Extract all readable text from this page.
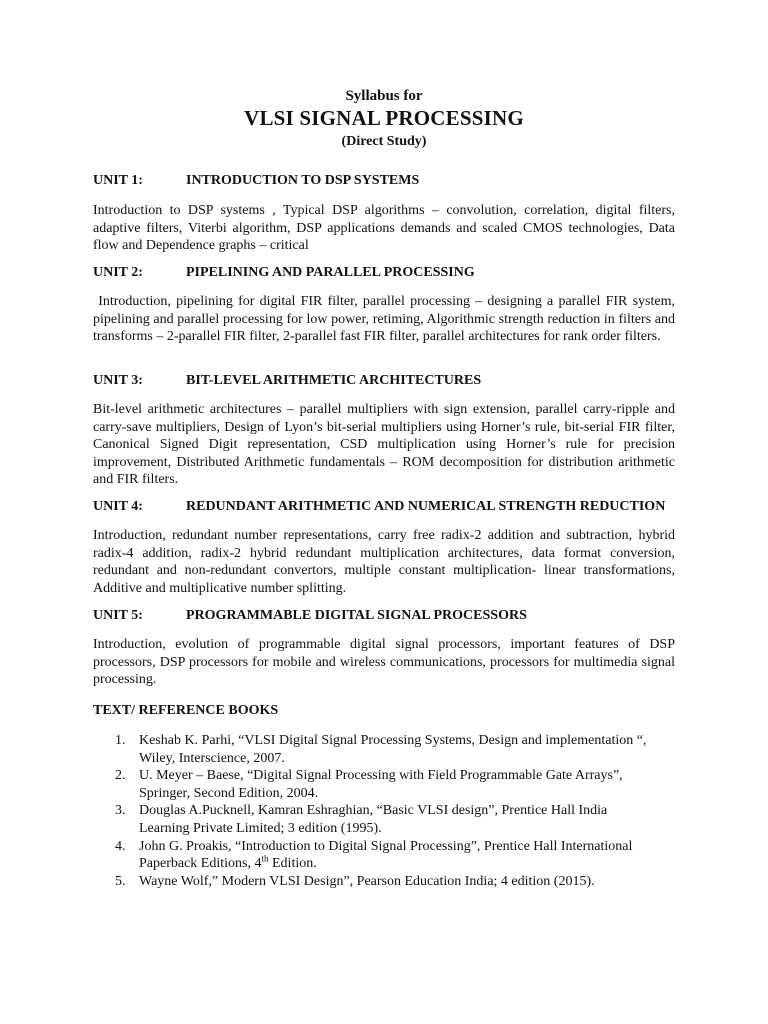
Syllabus for
VLSI SIGNAL PROCESSING
(Direct Study)
UNIT 1:	INTRODUCTION TO DSP SYSTEMS
Introduction to DSP systems , Typical DSP algorithms – convolution, correlation, digital filters, adaptive filters, Viterbi algorithm, DSP applications demands and scaled CMOS technologies, Data flow and Dependence graphs – critical
UNIT 2:	PIPELINING AND PARALLEL PROCESSING
Introduction, pipelining for digital FIR filter, parallel processing – designing a parallel FIR system, pipelining and parallel processing for low power, retiming, Algorithmic strength reduction in filters and transforms – 2-parallel FIR filter, 2-parallel fast FIR filter, parallel architectures for rank order filters.
UNIT 3:	BIT-LEVEL ARITHMETIC ARCHITECTURES
Bit-level arithmetic architectures – parallel multipliers with sign extension, parallel carry-ripple and carry-save multipliers, Design of Lyon’s bit-serial multipliers using Horner’s rule, bit-serial FIR filter, Canonical Signed Digit representation, CSD multiplication using Horner’s rule for precision improvement, Distributed Arithmetic fundamentals – ROM decomposition for distribution arithmetic and FIR filters.
UNIT 4:	REDUNDANT ARITHMETIC AND NUMERICAL STRENGTH REDUCTION
Introduction, redundant number representations, carry free radix-2 addition and subtraction, hybrid radix-4 addition, radix-2 hybrid redundant multiplication architectures, data format conversion, redundant and non-redundant convertors, multiple constant multiplication- linear transformations, Additive and multiplicative number splitting.
UNIT 5:	PROGRAMMABLE DIGITAL SIGNAL PROCESSORS
Introduction, evolution of programmable digital signal processors, important features of DSP processors, DSP processors for mobile and wireless communications, processors for multimedia signal processing.
TEXT/ REFERENCE BOOKS
1. Keshab K. Parhi, “VLSI Digital Signal Processing Systems, Design and implementation “, Wiley, Interscience, 2007.
2. U. Meyer – Baese, “Digital Signal Processing with Field Programmable Gate Arrays”, Springer, Second Edition, 2004.
3. Douglas A.Pucknell, Kamran Eshraghian, “Basic VLSI design”, Prentice Hall India Learning Private Limited; 3 edition (1995).
4. John G. Proakis, “Introduction to Digital Signal Processing”, Prentice Hall International Paperback Editions, 4th Edition.
5. Wayne Wolf,” Modern VLSI Design”, Pearson Education India; 4 edition (2015).
